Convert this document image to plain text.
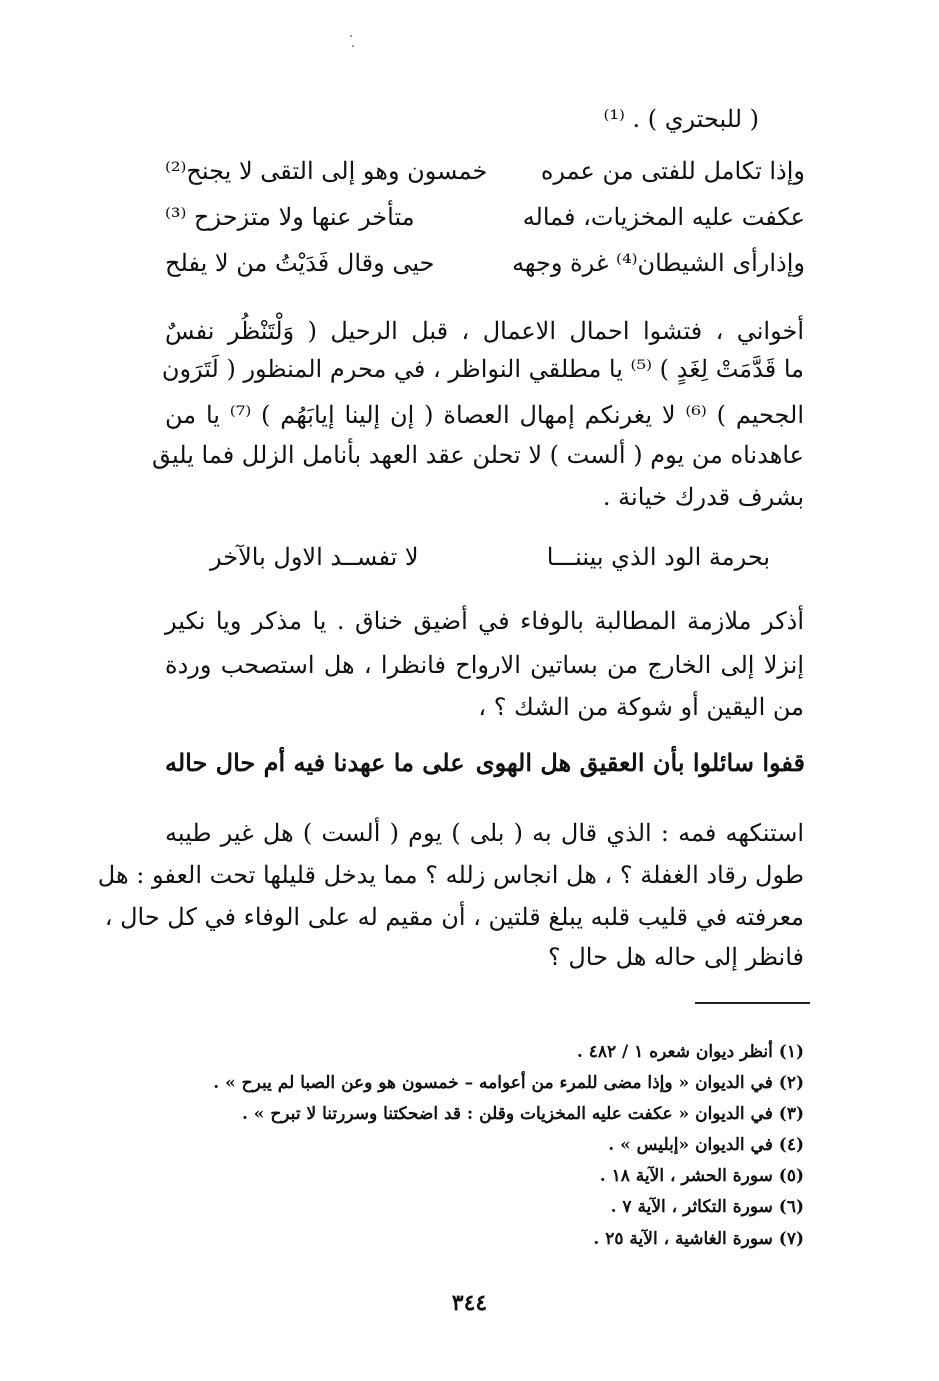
( للبحتري ) . ⁽¹⁾
وإذا تكامل للفتى من عمره
خمسون وهو إلى التقى لا يجنح⁽²⁾
عكفت عليه المخزيات، فماله
متأخر عنها ولا متزحزح ⁽³⁾
وإذارأى الشيطان⁽⁴⁾ غرة وجهه
حيى وقال فَدَيْتُ من لا يفلح
أخواني ، فتشوا احمال الاعمال ، قبل الرحيل ( وَلْتَنْظُر نفسٌ
ما قَدَّمَتْ لِغَدٍ ) ⁽⁵⁾ يا مطلقي النواظر ، في محرم المنظور ( لَتَرَون
الجحيم ) ⁽⁶⁾ لا يغرنكم إمهال العصاة ( إن إلينا إيابَهُم ) ⁽⁷⁾ يا من
عاهدناه من يوم ( ألست ) لا تحلن عقد العهد بأنامل الزلل فما يليق
بشرف قدرك خيانة .
بحرمة الود الذي بيننـــا
لا تفســد الاول بالآخر
أذكر ملازمة المطالبة بالوفاء في أضيق خناق . يا مذكر ويا نكير
إنزلا إلى الخارج من بساتين الارواح فانظرا ، هل استصحب وردة
من اليقين أو شوكة من الشك ؟ ،
قفوا سائلوا بأن العقيق هل الهوى
على ما عهدنا فيه أم حال حاله
استنكهه فمه : الذي قال به ( بلى ) يوم ( ألست ) هل غير طيبه
طول رقاد الغفلة ؟ ، هل انجاس زلله ؟ مما يدخل قليلها تحت العفو : هل
معرفته في قليب قلبه يبلغ قلتين ، أن مقيم له على الوفاء في كل حال ،
فانظر إلى حاله هل حال ؟
(١) أنظر ديوان شعره ١ / ٤٨٢ .
(٢) في الديوان « وإذا مضى للمرء من أعوامه – خمسون هو وعن الصبا لم يبرح » .
(٣) في الديوان « عكفت عليه المخزيات وقلن : قد اضحكتنا وسررتنا لا تبرح » .
(٤) في الديوان «إبليس » .
(٥) سورة الحشر ، الآية ١٨ .
(٦) سورة التكاثر ، الآية ٧ .
(٧) سورة الغاشية ، الآية ٢٥ .
٣٤٤
